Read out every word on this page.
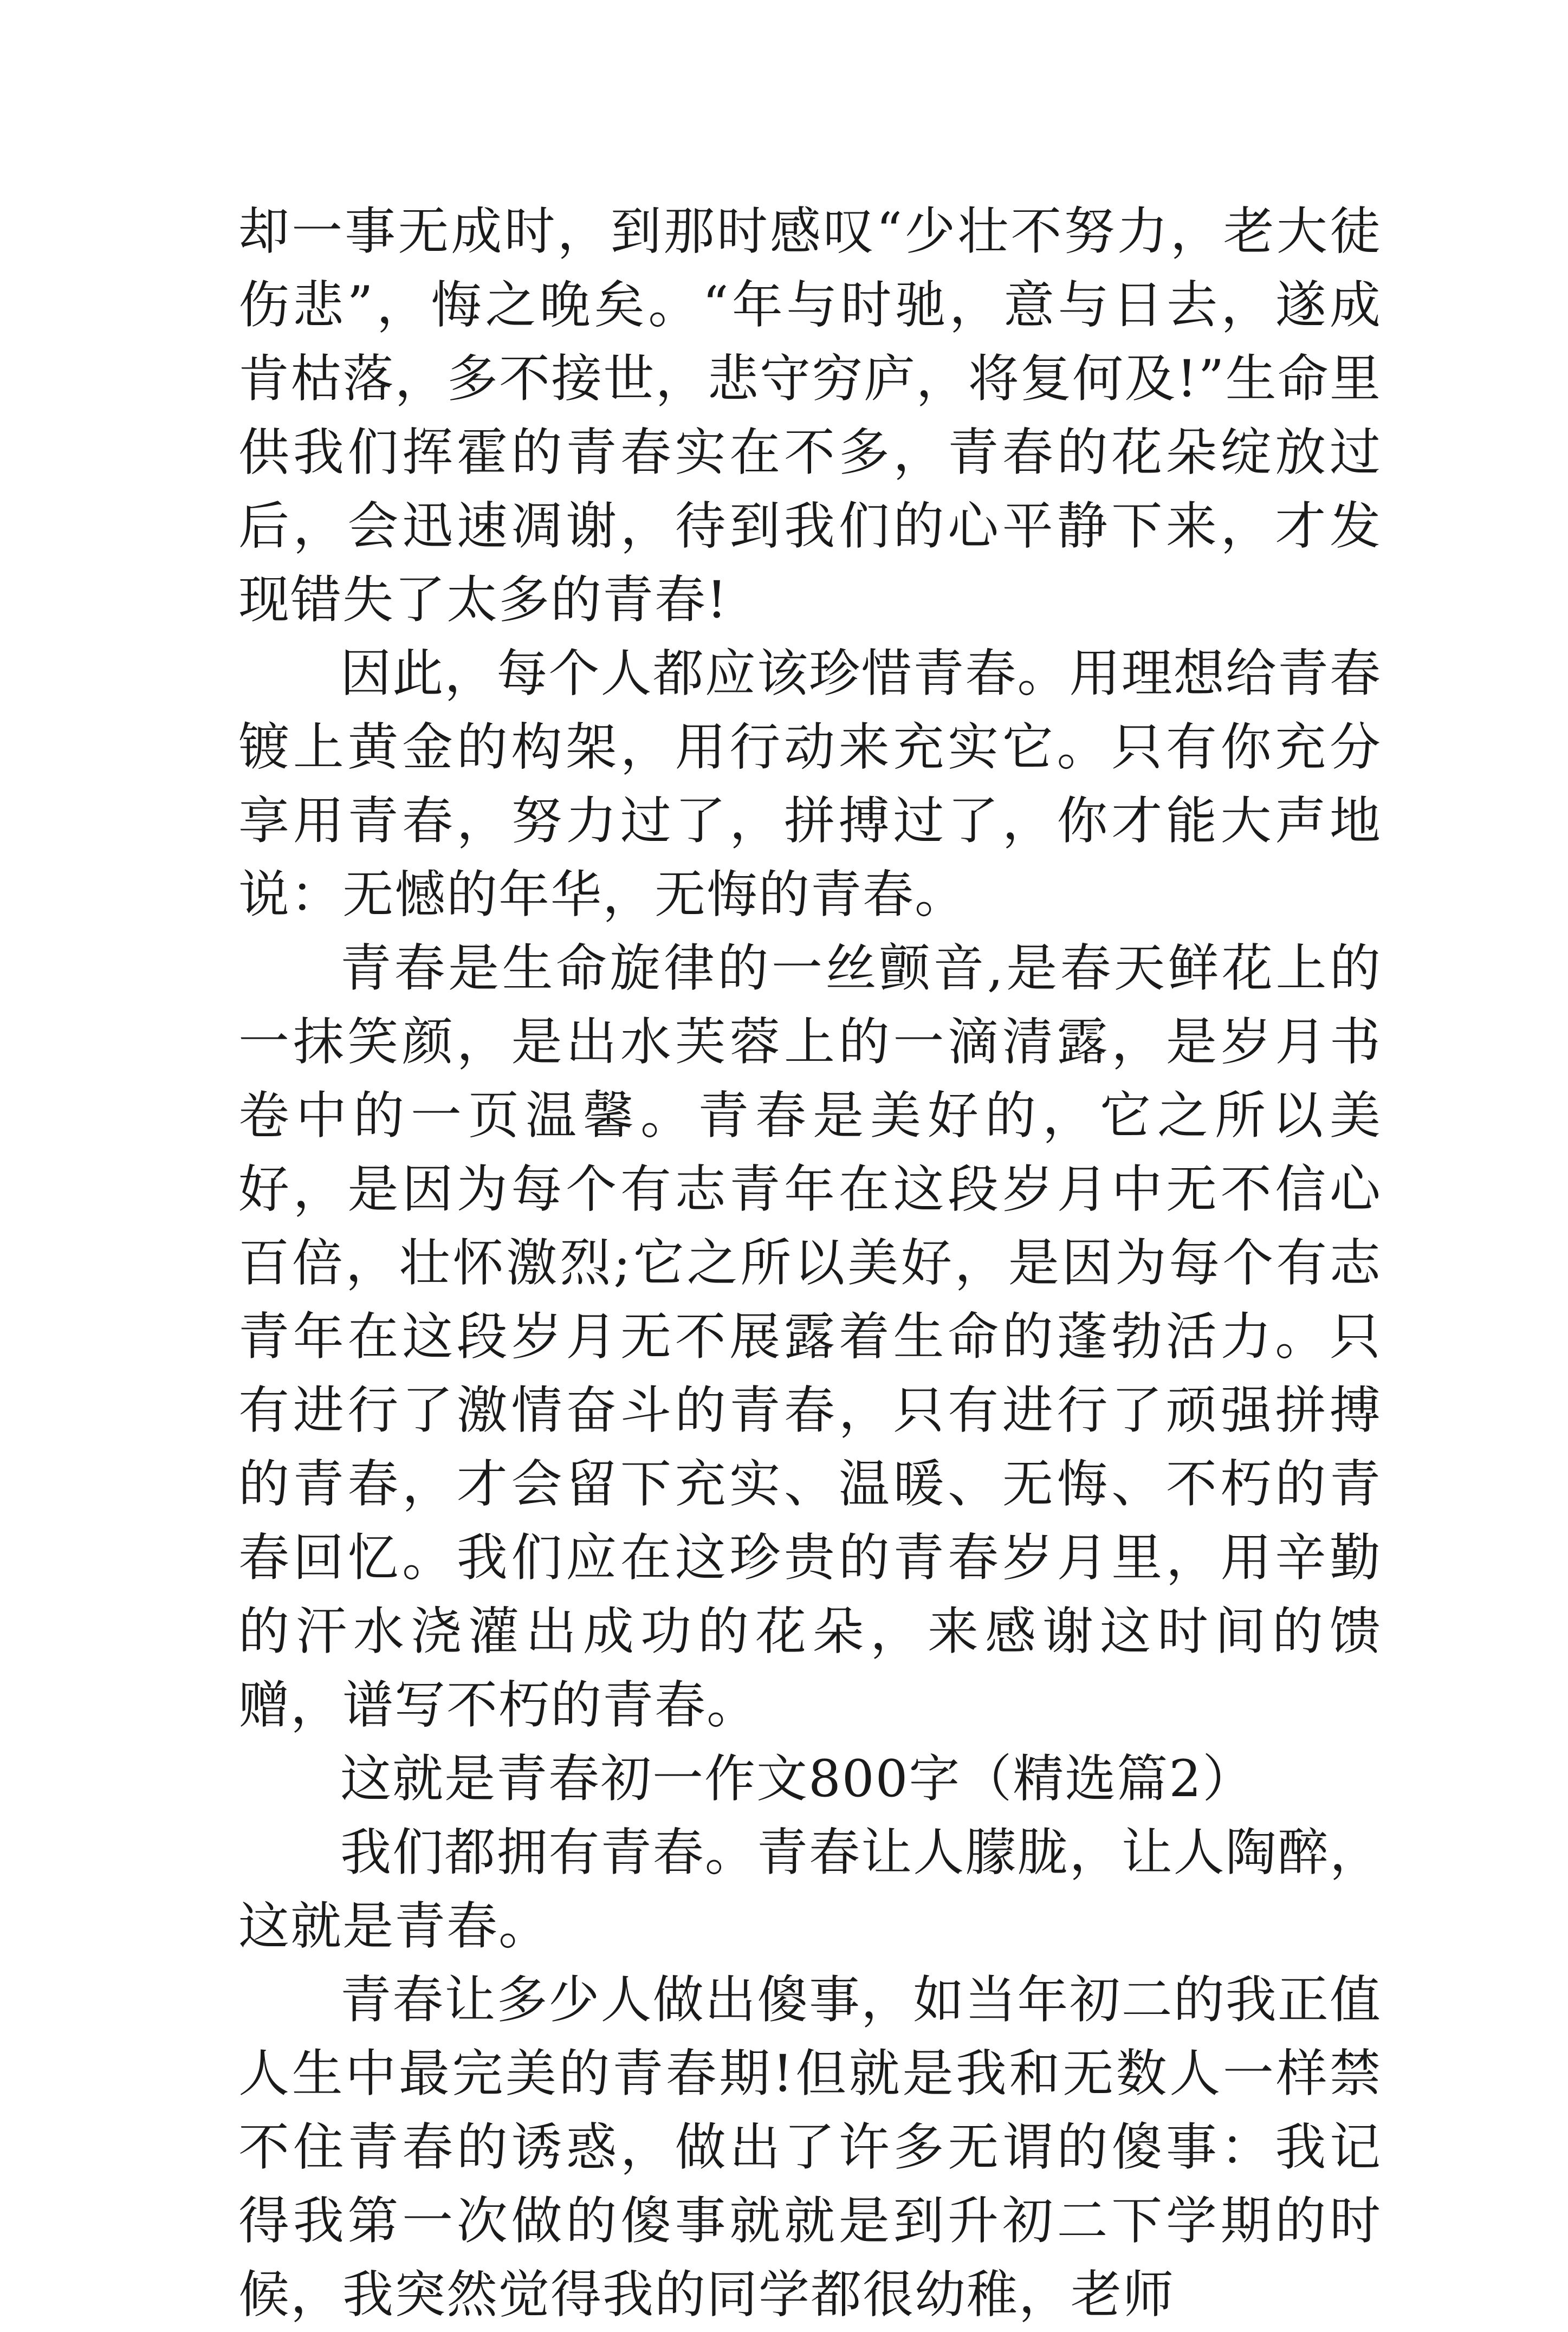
却一事无成时，到那时感叹“少壮不努力，老大徒伤悲”，悔之晚矣。“年与时驰，意与日去，遂成肯枯落，多不接世，悲守穷庐，将复何及!”生命里供我们挥霍的青春实在不多，青春的花朵绽放过后，会迅速凋谢，待到我们的心平静下来，才发现错失了太多的青春!

因此，每个人都应该珍惜青春。用理想给青春镀上黄金的构架，用行动来充实它。只有你充分享用青春，努力过了，拼搏过了，你才能大声地说：无憾的年华，无悔的青春。

青春是生命旋律的一丝颤音,是春天鲜花上的一抹笑颜，是出水芙蓉上的一滴清露，是岁月书卷中的一页温馨。青春是美好的，它之所以美好，是因为每个有志青年在这段岁月中无不信心百倍，壮怀激烈;它之所以美好，是因为每个有志青年在这段岁月无不展露着生命的蓬勃活力。只有进行了激情奋斗的青春，只有进行了顽强拼搏的青春，才会留下充实、温暖、无悔、不朽的青春回忆。我们应在这珍贵的青春岁月里，用辛勤的汗水浇灌出成功的花朵，来感谢这时间的馈赠，谱写不朽的青春。

这就是青春初一作文800字（精选篇2）

我们都拥有青春。青春让人朦胧，让人陶醉，这就是青春。

青春让多少人做出傻事，如当年初二的我正值人生中最完美的青春期!但就是我和无数人一样禁不住青春的诱惑，做出了许多无谓的傻事：我记得我第一次做的傻事就就是到升初二下学期的时候，我突然觉得我的同学都很幼稚，老师
